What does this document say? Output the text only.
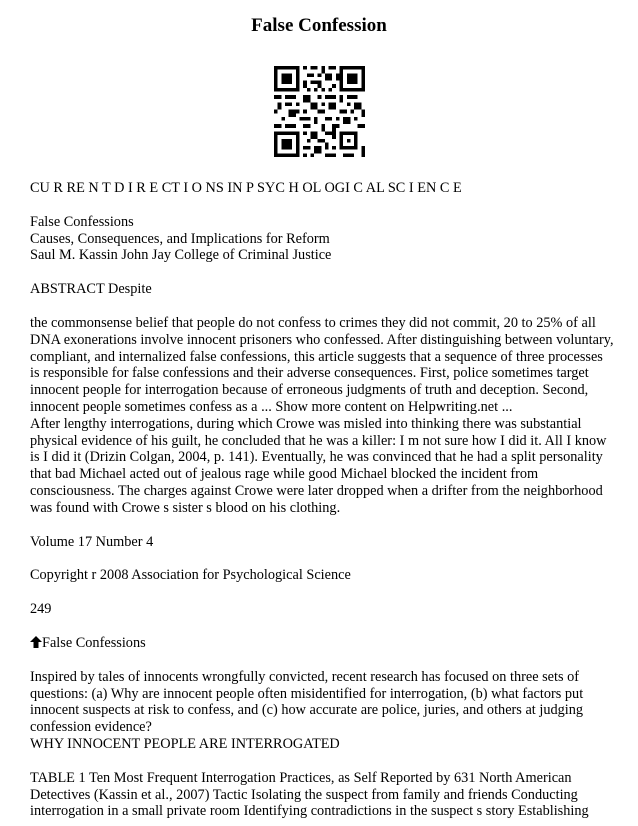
False Confession

CU R RE N T D I R E CT I O NS IN P SYC H OL OGI C AL SC I EN C E

False Confessions

Causes, Consequences, and Implications for Reform

Saul M. Kassin John Jay College of Criminal Justice

ABSTRACT Despite

the commonsense belief that people do not confess to crimes they did not commit, 20 to 25% of all DNA exonerations involve innocent prisoners who confessed. After distinguishing between voluntary, compliant, and internalized false confessions, this article suggests that a sequence of three processes is responsible for false confessions and their adverse consequences. First, police sometimes target innocent people for interrogation because of erroneous judgments of truth and deception. Second, innocent people sometimes confess as a ... Show more content on Helpwriting.net ...

After lengthy interrogations, during which Crowe was misled into thinking there was substantial physical evidence of his guilt, he concluded that he was a killer: I m not sure how I did it. All I know is I did it (Drizin Colgan, 2004, p. 141). Eventually, he was convinced that he had a split personality that bad Michael acted out of jealous rage while good Michael blocked the incident from consciousness. The charges against Crowe were later dropped when a drifter from the neighborhood was found with Crowe s sister s blood on his clothing.

Volume 17 Number 4

Copyright r 2008 Association for Psychological Science

249

False Confessions

Inspired by tales of innocents wrongfully convicted, recent research has focused on three sets of questions: (a) Why are innocent people often misidentified for interrogation, (b) what factors put innocent suspects at risk to confess, and (c) how accurate are police, juries, and others at judging confession evidence?

WHY INNOCENT PEOPLE ARE INTERROGATED

TABLE 1 Ten Most Frequent Interrogation Practices, as Self Reported by 631 North American Detectives (Kassin et al., 2007) Tactic Isolating the suspect from family and friends Conducting interrogation in a small private room Identifying contradictions in the suspect s story Establishing
